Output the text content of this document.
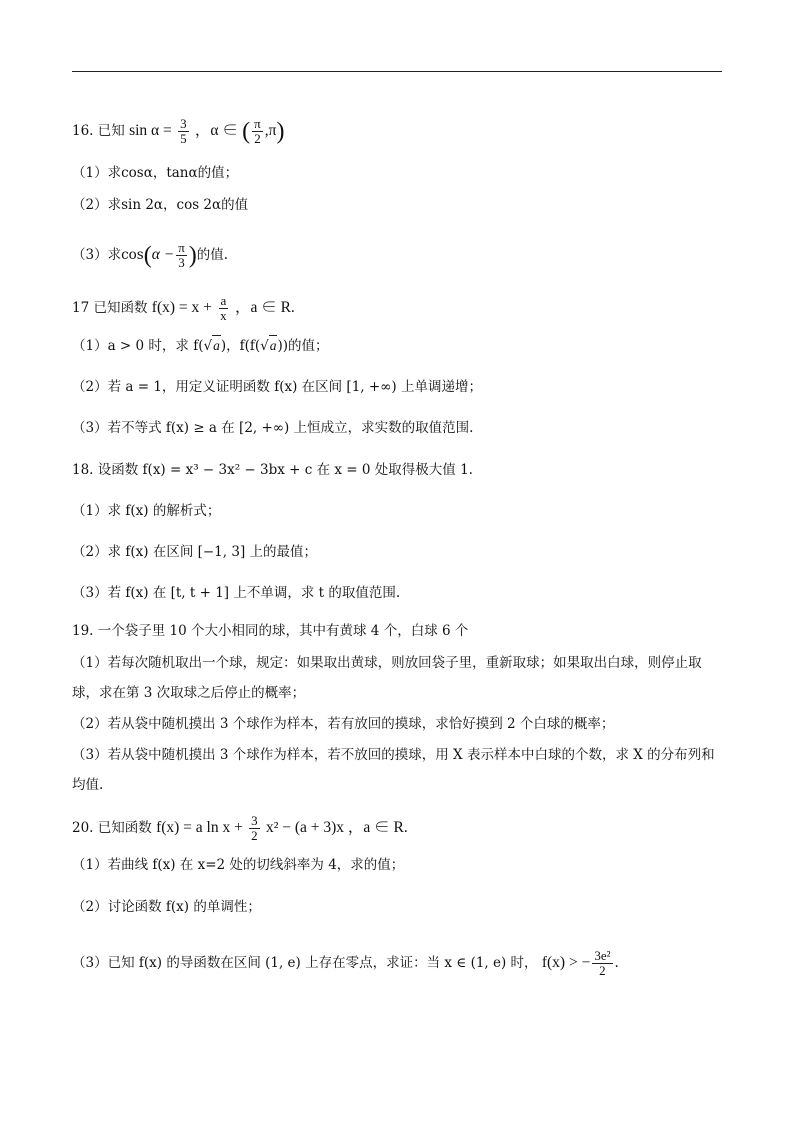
16. 已知 $\sin \alpha = \frac{3}{5}$ ，α ∈ ( $\frac{\pi}{2} ,\pi$)
（1）求cosα，tanα的值；
（2）求sin 2α，cos 2α的值
（3）求$\cos(\alpha - \frac{\pi}{3}$ )的值.
17 已知函数 $f(x) = x + \frac{a}{x}$ ，a ∈ R.
（1）a > 0 时，求 f(√a)，f(f(√a))的值；
（2）若 a = 1，用定义证明函数 f(x) 在区间 [1, +∞) 上单调递增；
（3）若不等式 f(x) ≥ a 在 [2, +∞) 上恒成立，求实数的取值范围.
18. 设函数 f(x) = x³ − 3x² − 3bx + c 在 x = 0 处取得极大值 1.
（1）求 f(x) 的解析式；
（2）求 f(x) 在区间 [−1, 3] 上的最值；
（3）若 f(x) 在 [t, t + 1] 上不单调，求 t 的取值范围.
19. 一个袋子里 10 个大小相同的球，其中有黄球 4 个，白球 6 个
（1）若每次随机取出一个球，规定：如果取出黄球，则放回袋子里，重新取球；如果取出白球，则停止取球，求在第 3 次取球之后停止的概率；
（2）若从袋中随机摸出 3 个球作为样本，若有放回的摸球，求恰好摸到 2 个白球的概率；
（3）若从袋中随机摸出 3 个球作为样本，若不放回的摸球，用 X 表示样本中白球的个数，求 X 的分布列和均值.
20. 已知函数 f(x) = a $\ln x + \frac{3}{2} x^2 - (a + 3)x$ ，a ∈ R.
（1）若曲线 f(x) 在 x=2 处的切线斜率为 4，求的值；
（2）讨论函数 f(x) 的单调性；
（3）已知 f(x) 的导函数在区间 (1, e) 上存在零点，求证：当 x ∈ (1, e) 时， f(x) > − $\frac{\text{3e²}}{2}$ .
